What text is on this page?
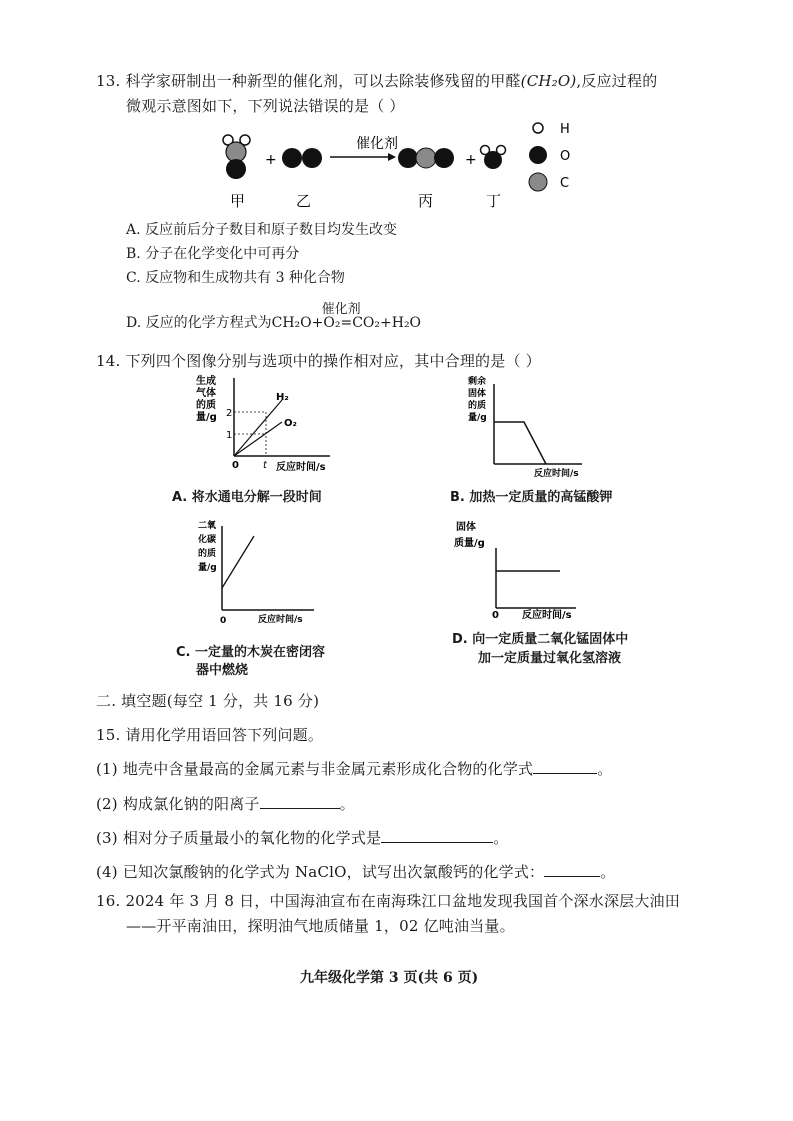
13. 科学家研制出一种新型的催化剂，可以去除装修残留的甲醛(CH₂O),反应过程的
微观示意图如下，下列说法错误的是（ ）
+
催化剂
+
甲	乙	丙	丁
H
O
C
A. 反应前后分子数目和原子数目均发生改变
B. 分子在化学变化中可再分
C. 反应物和生成物共有 3 种化合物
D. 反应的化学方程式为
催化剂
CH₂O+O₂=CO₂+H₂O
14. 下列四个图像分别与选项中的操作相对应，其中合理的是（ ）
生成
气体
的质
量/g 2
1
0 t
H₂
O₂
反应时间/s
A. 将水通电分解一段时间
剩余
固体
的质
量/g
反应时间/s
B. 加热一定质量的高锰酸钾
二氧
化碳
的质
量/g
0	反应时间/s
C. 一定量的木炭在密闭容
器中燃烧
固体
质量/g
0 反应时间/s
D. 向一定质量二氧化锰固体中
加一定质量过氧化氢溶液
二. 填空题(每空 1 分，共 16 分)
15. 请用化学用语回答下列问题。
(1) 地壳中含量最高的金属元素与非金属元素形成化合物的化学式	。
(2) 构成氯化钠的阳离子	。
(3) 相对分子质量最小的氧化物的化学式是	。
(4) 已知次氯酸钠的化学式为 NaClO，试写出次氯酸钙的化学式：	。
16. 2024 年 3 月 8 日，中国海油宣布在南海珠江口盆地发现我国首个深水深层大油田
——开平南油田，探明油气地质储量 1，02 亿吨油当量。
九年级化学第 3 页(共 6 页)
